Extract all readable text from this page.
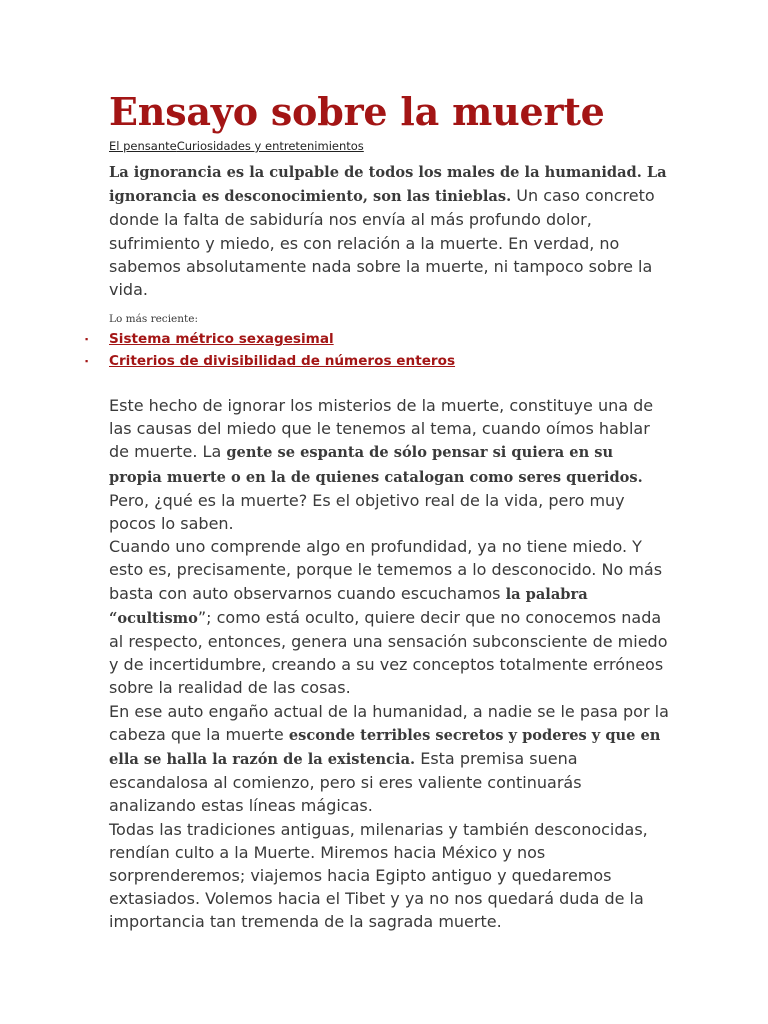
Ensayo sobre la muerte
El pensanteCuriosidades y entretenimientos

La ignorancia es la culpable de todos los males de la humanidad. La ignorancia es desconocimiento, son las tinieblas. Un caso concreto donde la falta de sabiduría nos envía al más profundo dolor, sufrimiento y miedo, es con relación a la muerte. En verdad, no sabemos absolutamente nada sobre la muerte, ni tampoco sobre la vida.

Lo más reciente:
▪ Sistema métrico sexagesimal
▪ Criterios de divisibilidad de números enteros
Este hecho de ignorar los misterios de la muerte, constituye una de las causas del miedo que le tenemos al tema, cuando oímos hablar de muerte. La gente se espanta de sólo pensar si quiera en su propia muerte o en la de quienes catalogan como seres queridos. Pero, ¿qué es la muerte? Es el objetivo real de la vida, pero muy pocos lo saben.
Cuando uno comprende algo en profundidad, ya no tiene miedo. Y esto es, precisamente, porque le tememos a lo desconocido. No más basta con auto observarnos cuando escuchamos la palabra “ocultismo”; como está oculto, quiere decir que no conocemos nada al respecto, entonces, genera una sensación subconsciente de miedo y de incertidumbre, creando a su vez conceptos totalmente erróneos sobre la realidad de las cosas.
En ese auto engaño actual de la humanidad, a nadie se le pasa por la cabeza que la muerte esconde terribles secretos y poderes y que en ella se halla la razón de la existencia. Esta premisa suena escandalosa al comienzo, pero si eres valiente continuarás analizando estas líneas mágicas.
Todas las tradiciones antiguas, milenarias y también desconocidas, rendían culto a la Muerte. Miremos hacia México y nos sorprenderemos; viajemos hacia Egipto antiguo y quedaremos extasiados. Volemos hacia el Tibet y ya no nos quedará duda de la importancia tan tremenda de la sagrada muerte.
